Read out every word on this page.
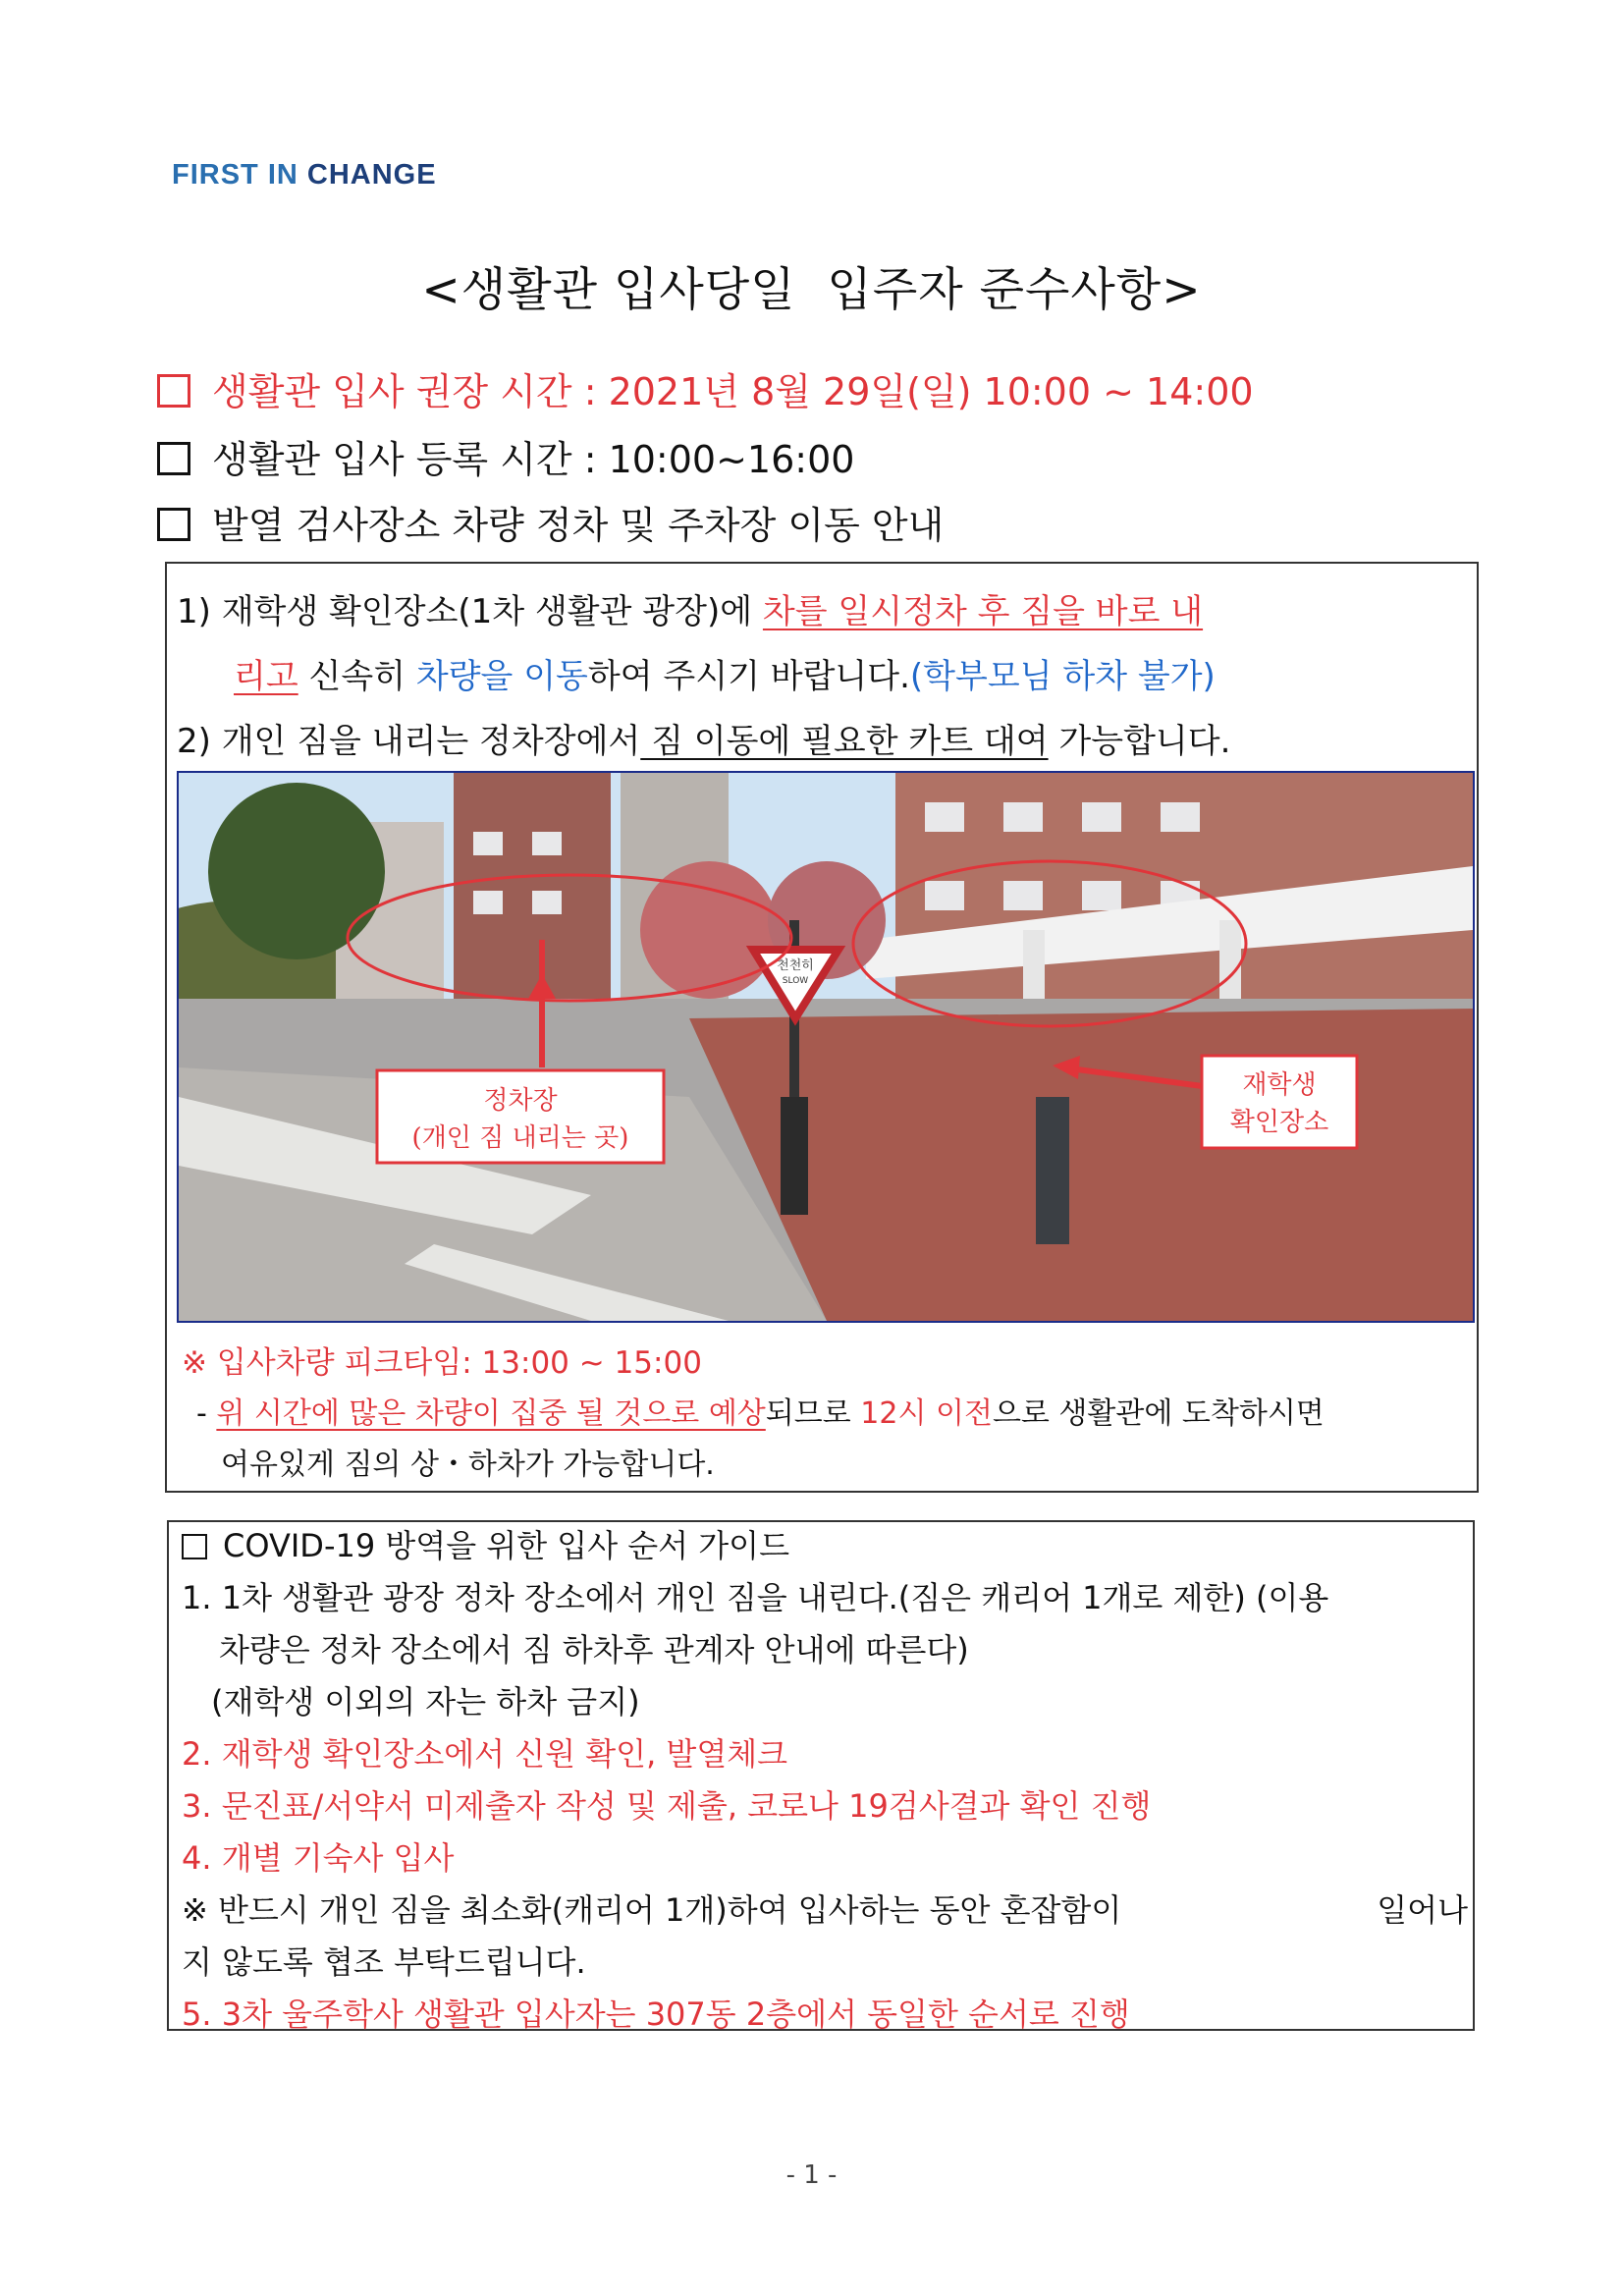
FIRST IN CHANGE
<생활관 입사당일  입주자 준수사항>
생활관 입사 권장 시간 : 2021년 8월 29일(일) 10:00 ~ 14:00
생활관 입사 등록 시간 : 10:00~16:00
발열 검사장소 차량 정차 및 주차장 이동 안내
1) 재학생 확인장소(1차 생활관 광장)에 차를 일시정차 후 짐을 바로 내
리고 신속히 차량을 이동하여 주시기 바랍니다.(학부모님 하차 불가)
2) 개인 짐을 내리는 정차장에서 짐 이동에 필요한 카트 대여 가능합니다.
천천히
SLOW
정차장
(개인 짐 내리는 곳)
재학생
확인장소
※ 입사차량 피크타임: 13:00 ~ 15:00
- 위 시간에 많은 차량이 집중 될 것으로 예상되므로 12시 이전으로 생활관에 도착하시면
여유있게 짐의 상・하차가 가능합니다.
COVID-19 방역을 위한 입사 순서 가이드
1. 1차 생활관 광장 정차 장소에서 개인 짐을 내린다.(짐은 캐리어 1개로 제한) (이용
차량은 정차 장소에서 짐 하차후 관계자 안내에 따른다)
(재학생 이외의 자는 하차 금지)
2. 재학생 확인장소에서 신원 확인, 발열체크
3. 문진표/서약서 미제출자 작성 및 제출, 코로나 19검사결과 확인 진행
4. 개별 기숙사 입사
※ 반드시 개인 짐을 최소화(캐리어 1개)하여 입사하는 동안 혼잡함이	일어나
지 않도록 협조 부탁드립니다.
5. 3차 울주학사 생활관 입사자는 307동 2층에서 동일한 순서로 진행
- 1 -
